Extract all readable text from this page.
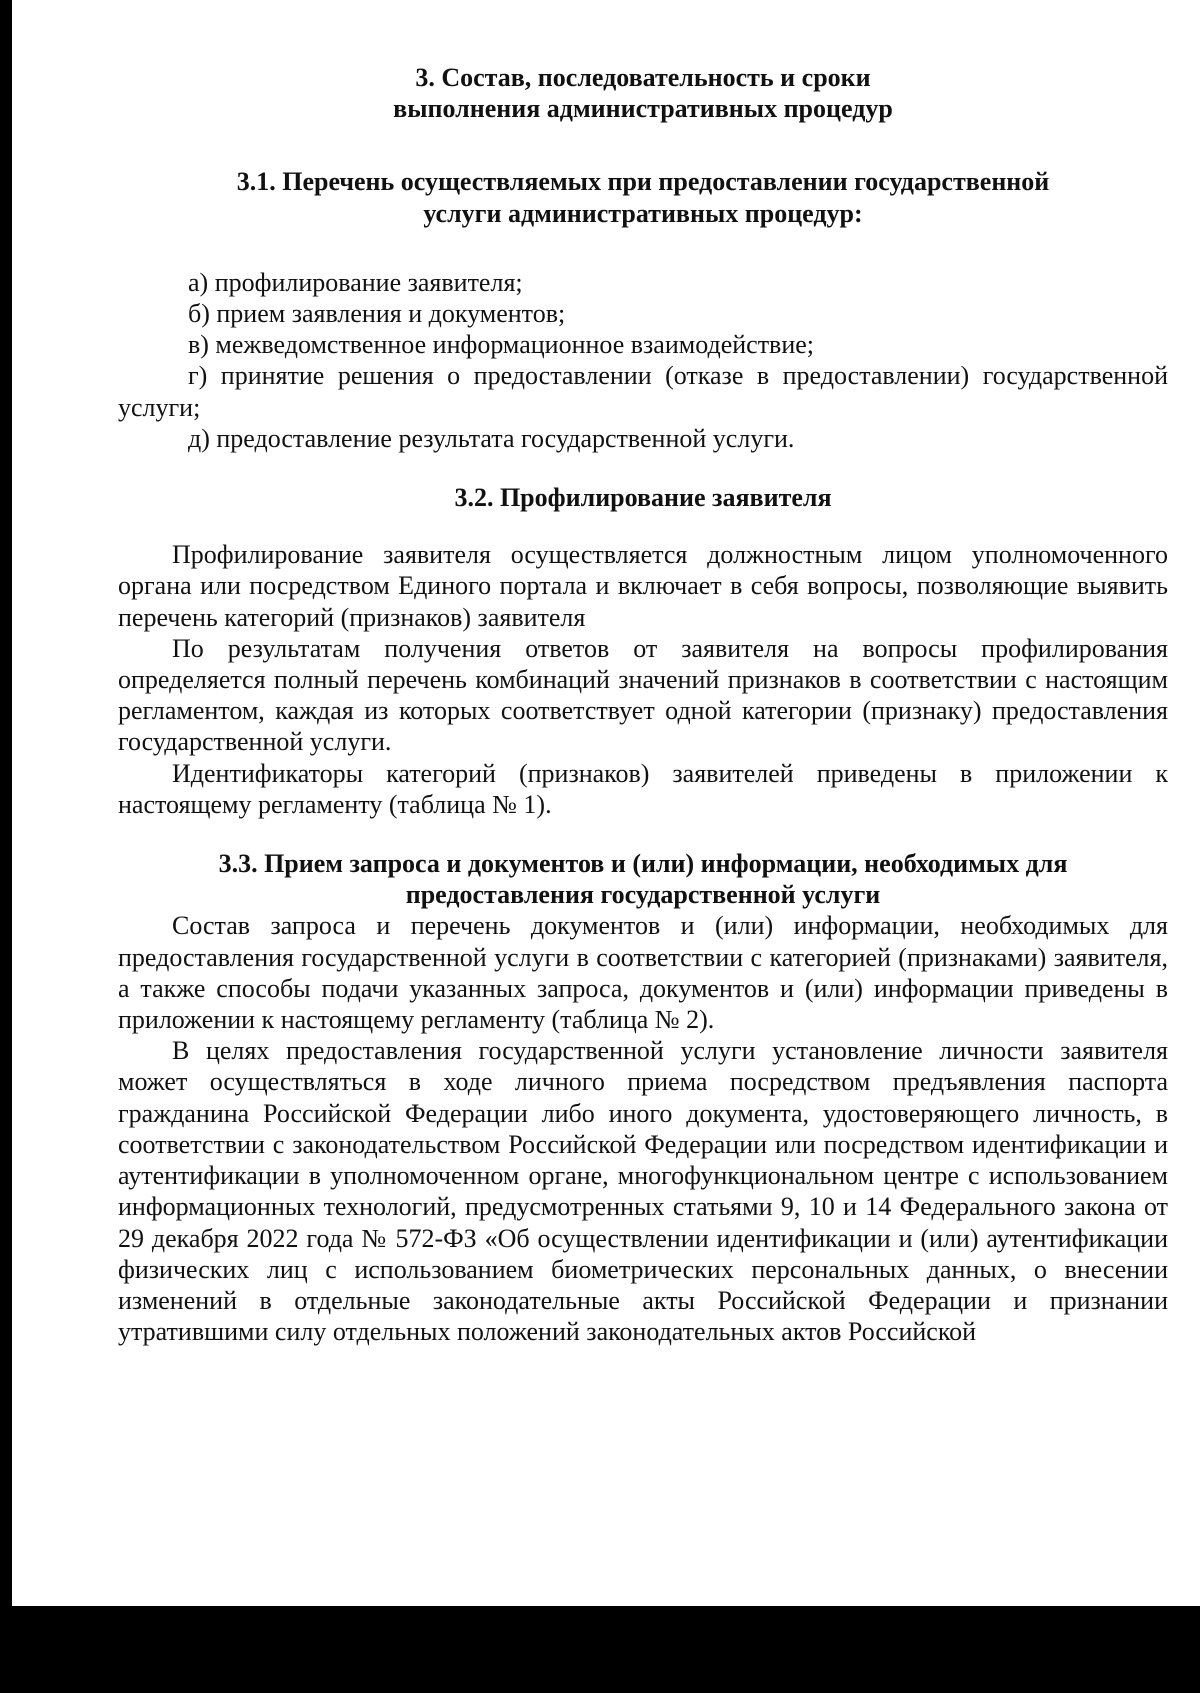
3. Состав, последовательность и сроки
выполнения административных процедур
3.1. Перечень осуществляемых при предоставлении государственной
услуги административных процедур:
а) профилирование заявителя;
б) прием заявления и документов;
в) межведомственное информационное взаимодействие;
г) принятие решения о предоставлении (отказе в предоставлении) государственной услуги;
д) предоставление результата государственной услуги.
3.2. Профилирование заявителя

Профилирование заявителя осуществляется должностным лицом уполномоченного органа или посредством Единого портала и включает в себя вопросы, позволяющие выявить перечень категорий (признаков) заявителя

По результатам получения ответов от заявителя на вопросы профилирования определяется полный перечень комбинаций значений признаков в соответствии с настоящим регламентом, каждая из которых соответствует одной категории (признаку) предоставления государственной услуги.

Идентификаторы категорий (признаков) заявителей приведены в приложении к настоящему регламенту (таблица № 1).

3.3. Прием запроса и документов и (или) информации, необходимых для
предоставления государственной услуги

Состав запроса и перечень документов и (или) информации, необходимых для предоставления государственной услуги в соответствии с категорией (признаками) заявителя, а также способы подачи указанных запроса, документов и (или) информации приведены в приложении к настоящему регламенту (таблица № 2).

В целях предоставления государственной услуги установление личности заявителя может осуществляться в ходе личного приема посредством предъявления паспорта гражданина Российской Федерации либо иного документа, удостоверяющего личность, в соответствии с законодательством Российской Федерации или посредством идентификации и аутентификации в уполномоченном органе, многофункциональном центре с использованием информационных технологий, предусмотренных статьями 9, 10 и 14 Федерального закона от 29 декабря 2022 года № 572-ФЗ «Об осуществлении идентификации и (или) аутентификации физических лиц с использованием биометрических персональных данных, о внесении изменений в отдельные законодательные акты Российской Федерации и признании утратившими силу отдельных положений законодательных актов Российской
